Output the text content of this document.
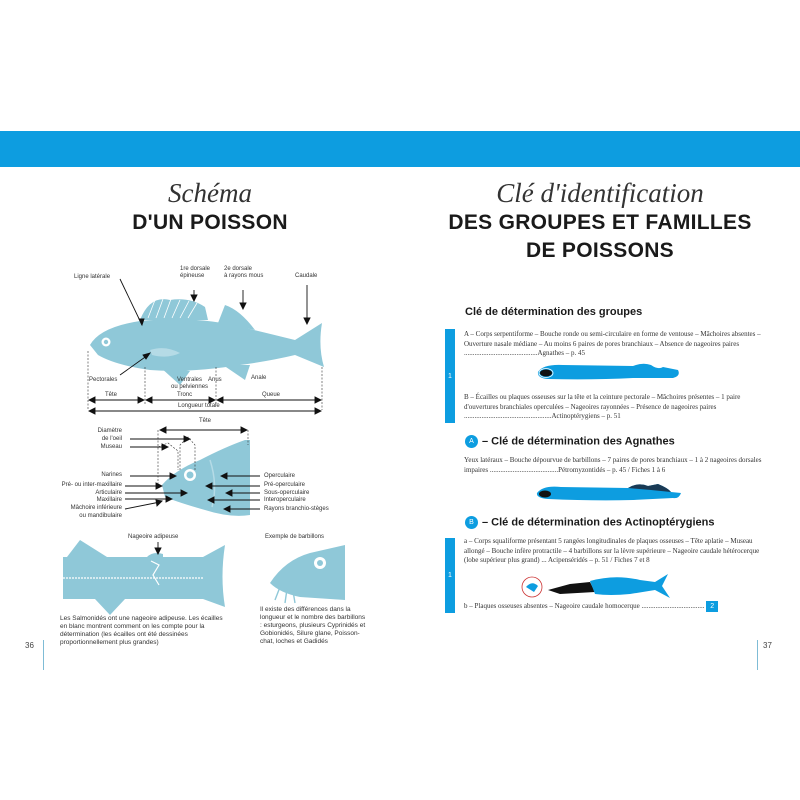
Schéma
D'UN POISSON
Ligne latérale
1re dorsale
épineuse
2e dorsale
à rayons mous	Caudale
Pectorales	Ventrales
ou pelviennes
Anus	Anale
Tête	Tronc	Queue
Longueur totale
Tête
Diamètre
de l'oeil
Museau
Narines
Pré- ou inter-maxillaire
Articulaire
Maxillaire
Mâchoire inférieure
ou mandibulaire
Operculaire
Pré-operculaire
Sous-operculaire
Interoperculaire
Rayons branchio-stèges
Nageoire adipeuse
Les Salmonidés ont une nageoire adipeuse. Les écailles en blanc montrent comment on les compte pour la détermination (les écailles ont été dessinées proportionnellement plus grandes)
Exemple de barbillons
Il existe des différences dans la longueur et le nombre des barbillons : esturgeons, plusieurs Cyprinidés et Gobionidés, Silure glane, Poisson-chat, loches et Gadidés
36
Clé d'identification
DES GROUPES ET FAMILLES
DE POISSONS
Clé de détermination des groupes
1
A – Corps serpentiforme – Bouche ronde ou semi-circulaire en forme de ventouse – Mâchoires absentes – Ouverture nasale médiane – Au moins 6 paires de pores branchiaux – Absence de nageoires paires ..........................................Agnathes – p. 45
B – Écailles ou plaques osseuses sur la tête et la ceinture pectorale – Mâchoires présentes – 1 paire d'ouvertures branchiales operculées – Nageoires rayonnées – Présence de nageoires paires ..................................................Actinoptérygiens – p. 51
A – Clé de détermination des Agnathes
Yeux latéraux – Bouche dépourvue de barbillons – 7 paires de pores branchiaux – 1 à 2 nageoires dorsales impaires .......................................Pétromyzontidés – p. 45 / Fiches 1 à 6
B – Clé de détermination des Actinoptérygiens
1
a – Corps squaliforme présentant 5 rangées longitudinales de plaques osseuses – Tête aplatie – Museau allongé – Bouche infère protractile – 4 barbillons sur la lèvre supérieure – Nageoire caudale hétérocerque (lobe supérieur plus grand) ... Acipenséridés – p. 51 / Fiches 7 et 8
b – Plaques osseuses absentes – Nageoire caudale homocerque .................................... 2
37
